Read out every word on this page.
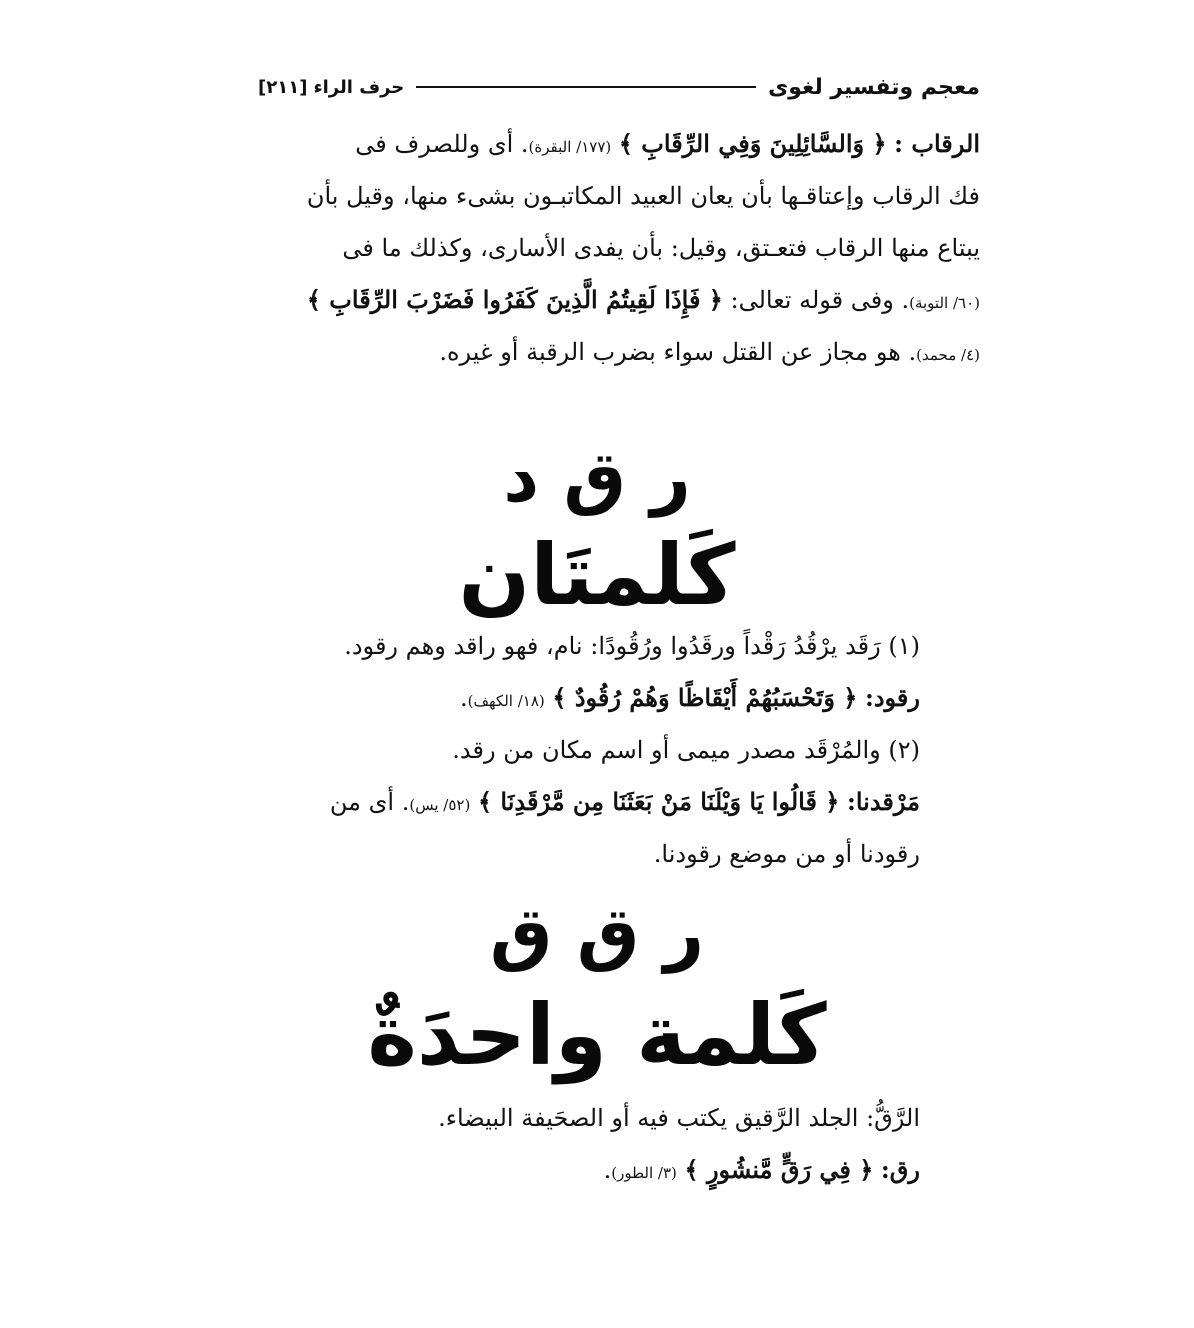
معجم وتفسير لغوى
حرف الراء
[٢١١]
الرقاب : ﴿ وَالسَّائِلِينَ وَفِي الرِّقَابِ ﴾ (١٧٧/ البقرة). أى وللصرف فى
فك الرقاب وإعتاقـها بأن يعان العبيد المكاتبـون بشىء منها، وقيل بأن
يبتاع منها الرقاب فتعـتق، وقيل: بأن يفدى الأسارى، وكذلك ما فى
(٦٠/ التوبة). وفى قوله تعالى: ﴿ فَإِذَا لَقِيتُمُ الَّذِينَ كَفَرُوا فَضَرْبَ الرِّقَابِ ﴾
(٤/ محمد). هو مجاز عن القتل سواء بضرب الرقبة أو غيره.
ر ق د
كَلمتَان
(١) رَقَد يرْقُدُ رَقْداً ورقَدُوا ورُقُودًا: نام، فهو راقد وهم رقود.
رقود: ﴿ وَتَحْسَبُهُمْ أَيْقَاظًا وَهُمْ رُقُودٌ ﴾ (١٨/ الكهف).
(٢) والمُرْقَد مصدر ميمى أو اسم مكان من رقد.
مَرْقدنا: ﴿ قَالُوا يَا وَيْلَنَا مَنْ بَعَثَنَا مِن مَّرْقَدِنَا ﴾ (٥٢/ يس). أى من
رقودنا أو من موضع رقودنا.
ر ق ق
كَلمة واحدَةٌ
الرَّقُّ: الجلد الرَّقيق يكتب فيه أو الصحَيفة البيضاء.
رق: ﴿ فِي رَقٍّ مَّنشُورٍ ﴾ (٣/ الطور).
